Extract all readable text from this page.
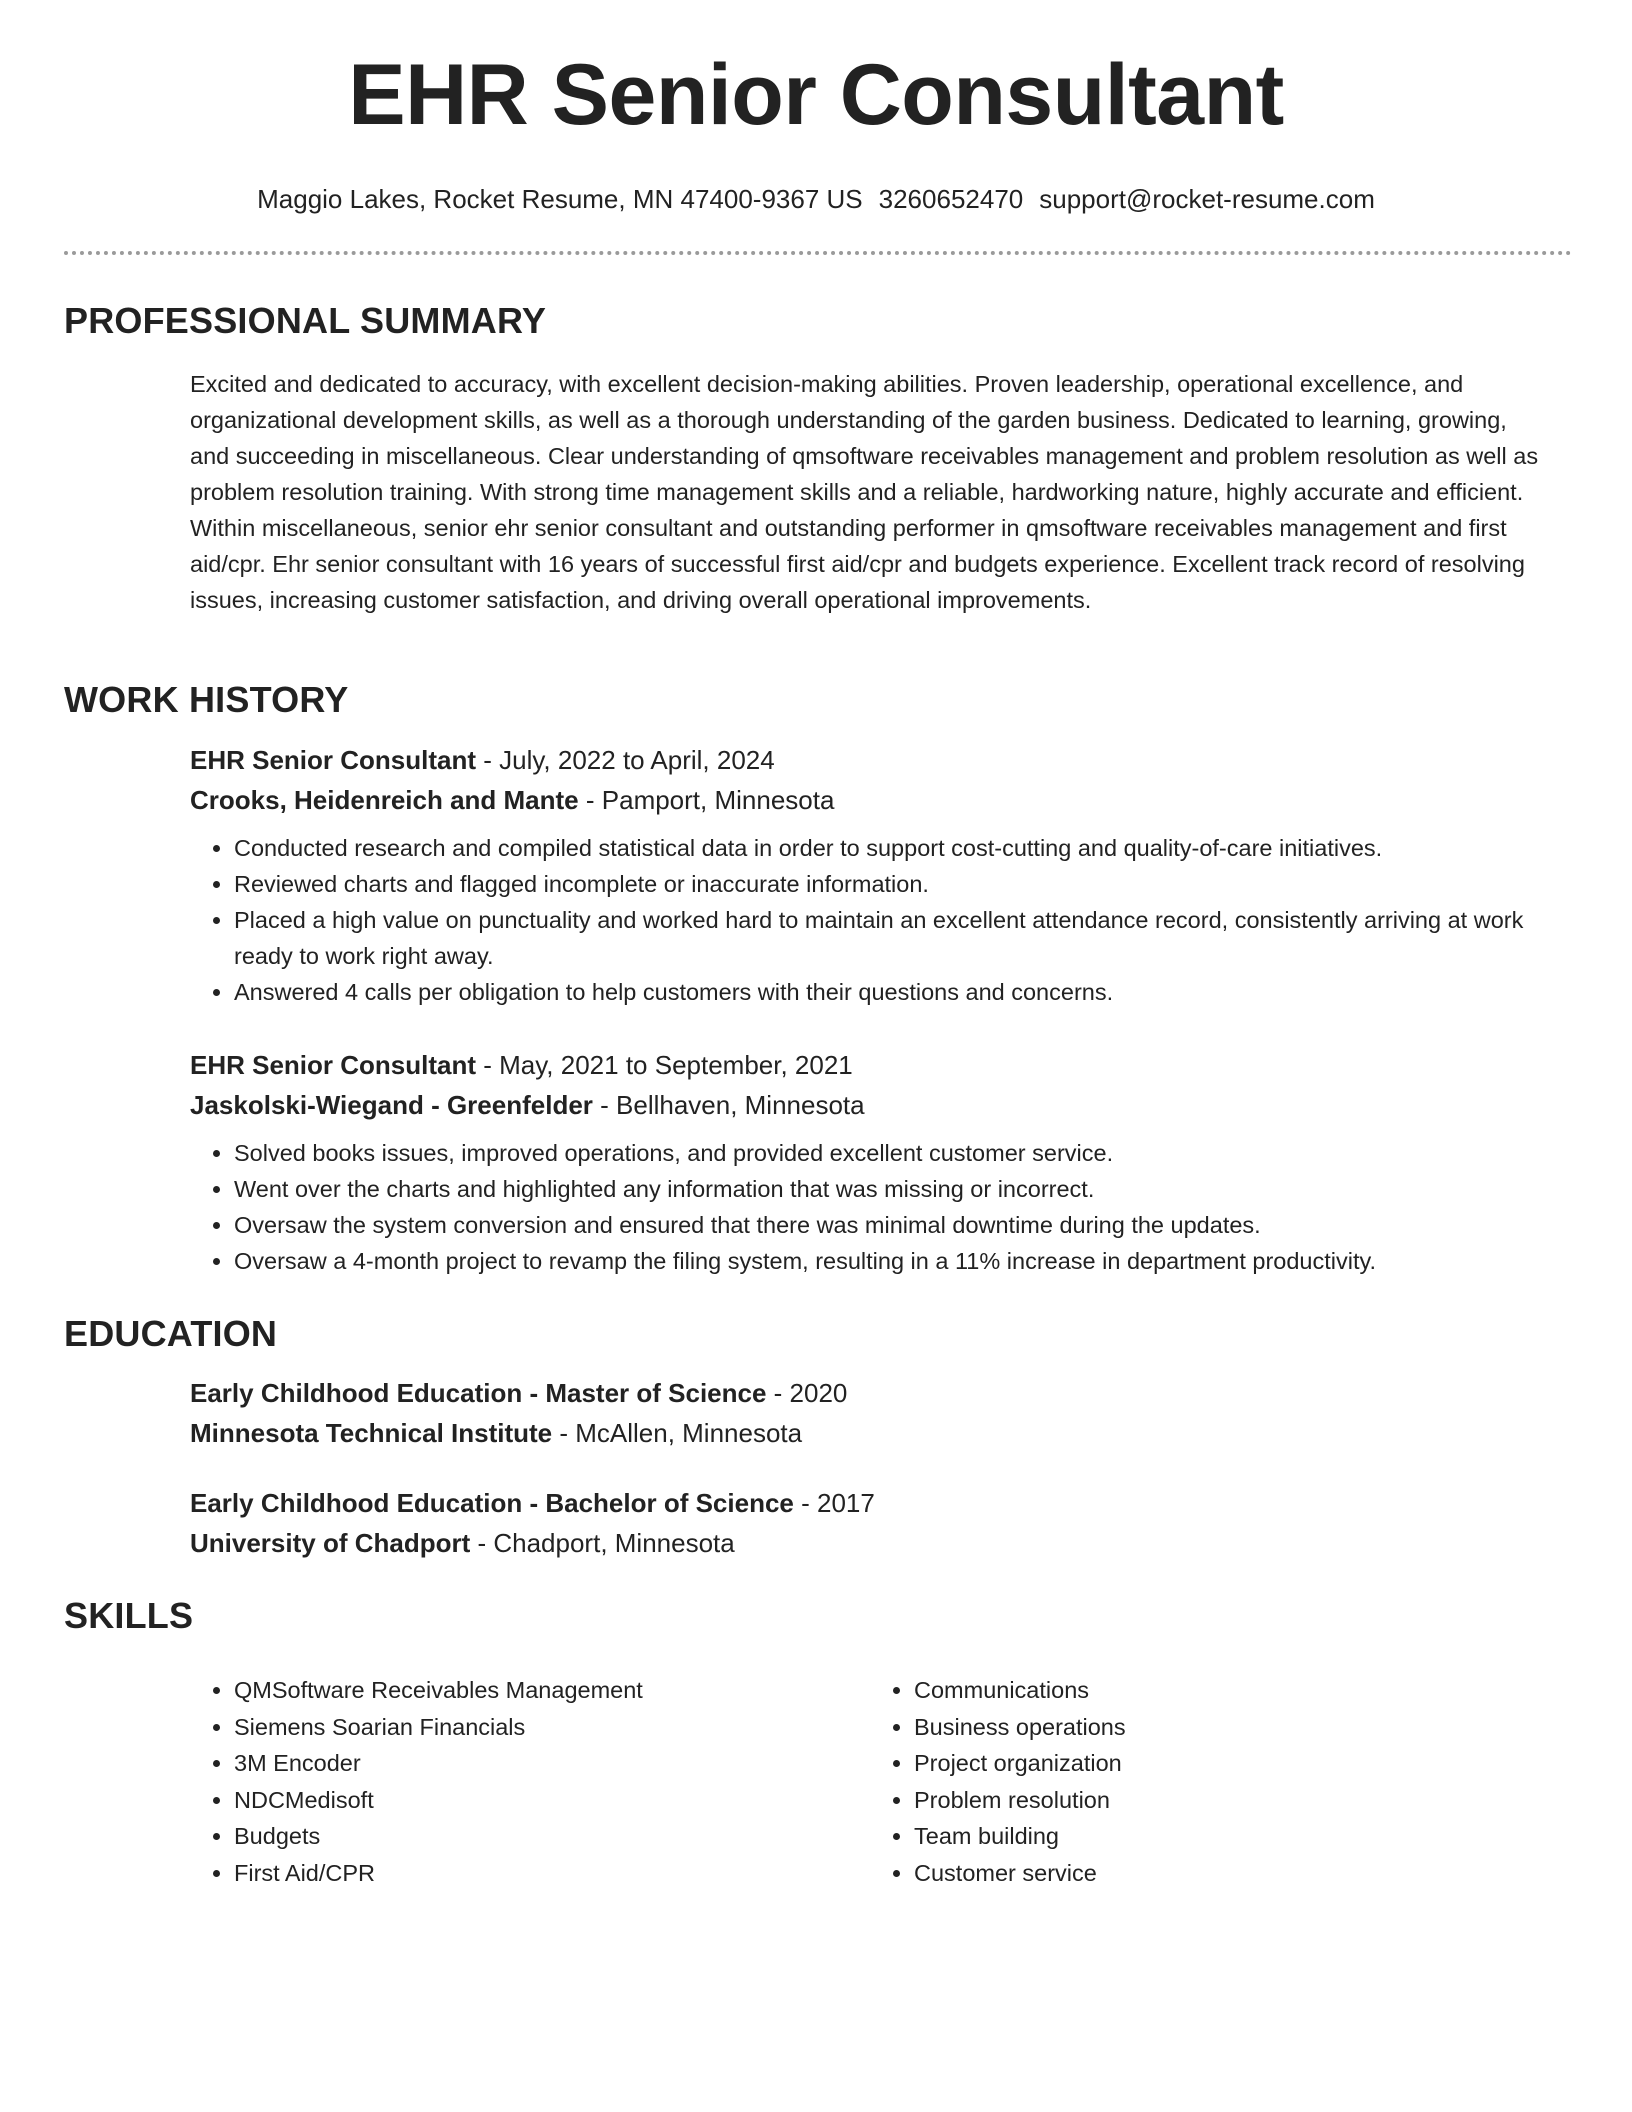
EHR Senior Consultant
Maggio Lakes, Rocket Resume, MN 47400-9367 US 3260652470 support@rocket-resume.com
PROFESSIONAL SUMMARY
Excited and dedicated to accuracy, with excellent decision-making abilities. Proven leadership, operational excellence, and organizational development skills, as well as a thorough understanding of the garden business. Dedicated to learning, growing, and succeeding in miscellaneous. Clear understanding of qmsoftware receivables management and problem resolution as well as problem resolution training. With strong time management skills and a reliable, hardworking nature, highly accurate and efficient. Within miscellaneous, senior ehr senior consultant and outstanding performer in qmsoftware receivables management and first aid/cpr. Ehr senior consultant with 16 years of successful first aid/cpr and budgets experience. Excellent track record of resolving issues, increasing customer satisfaction, and driving overall operational improvements.
WORK HISTORY
EHR Senior Consultant - July, 2022 to April, 2024
Crooks, Heidenreich and Mante - Pamport, Minnesota
• Conducted research and compiled statistical data in order to support cost-cutting and quality-of-care initiatives.
• Reviewed charts and flagged incomplete or inaccurate information.
• Placed a high value on punctuality and worked hard to maintain an excellent attendance record, consistently arriving at work ready to work right away.
• Answered 4 calls per obligation to help customers with their questions and concerns.
EHR Senior Consultant - May, 2021 to September, 2021
Jaskolski-Wiegand - Greenfelder - Bellhaven, Minnesota
• Solved books issues, improved operations, and provided excellent customer service.
• Went over the charts and highlighted any information that was missing or incorrect.
• Oversaw the system conversion and ensured that there was minimal downtime during the updates.
• Oversaw a 4-month project to revamp the filing system, resulting in a 11% increase in department productivity.
EDUCATION
Early Childhood Education - Master of Science - 2020
Minnesota Technical Institute - McAllen, Minnesota
Early Childhood Education - Bachelor of Science - 2017
University of Chadport - Chadport, Minnesota
SKILLS
• QMSoftware Receivables Management
• Siemens Soarian Financials
• 3M Encoder
• NDCMedisoft
• Budgets
• First Aid/CPR
• Communications
• Business operations
• Project organization
• Problem resolution
• Team building
• Customer service
